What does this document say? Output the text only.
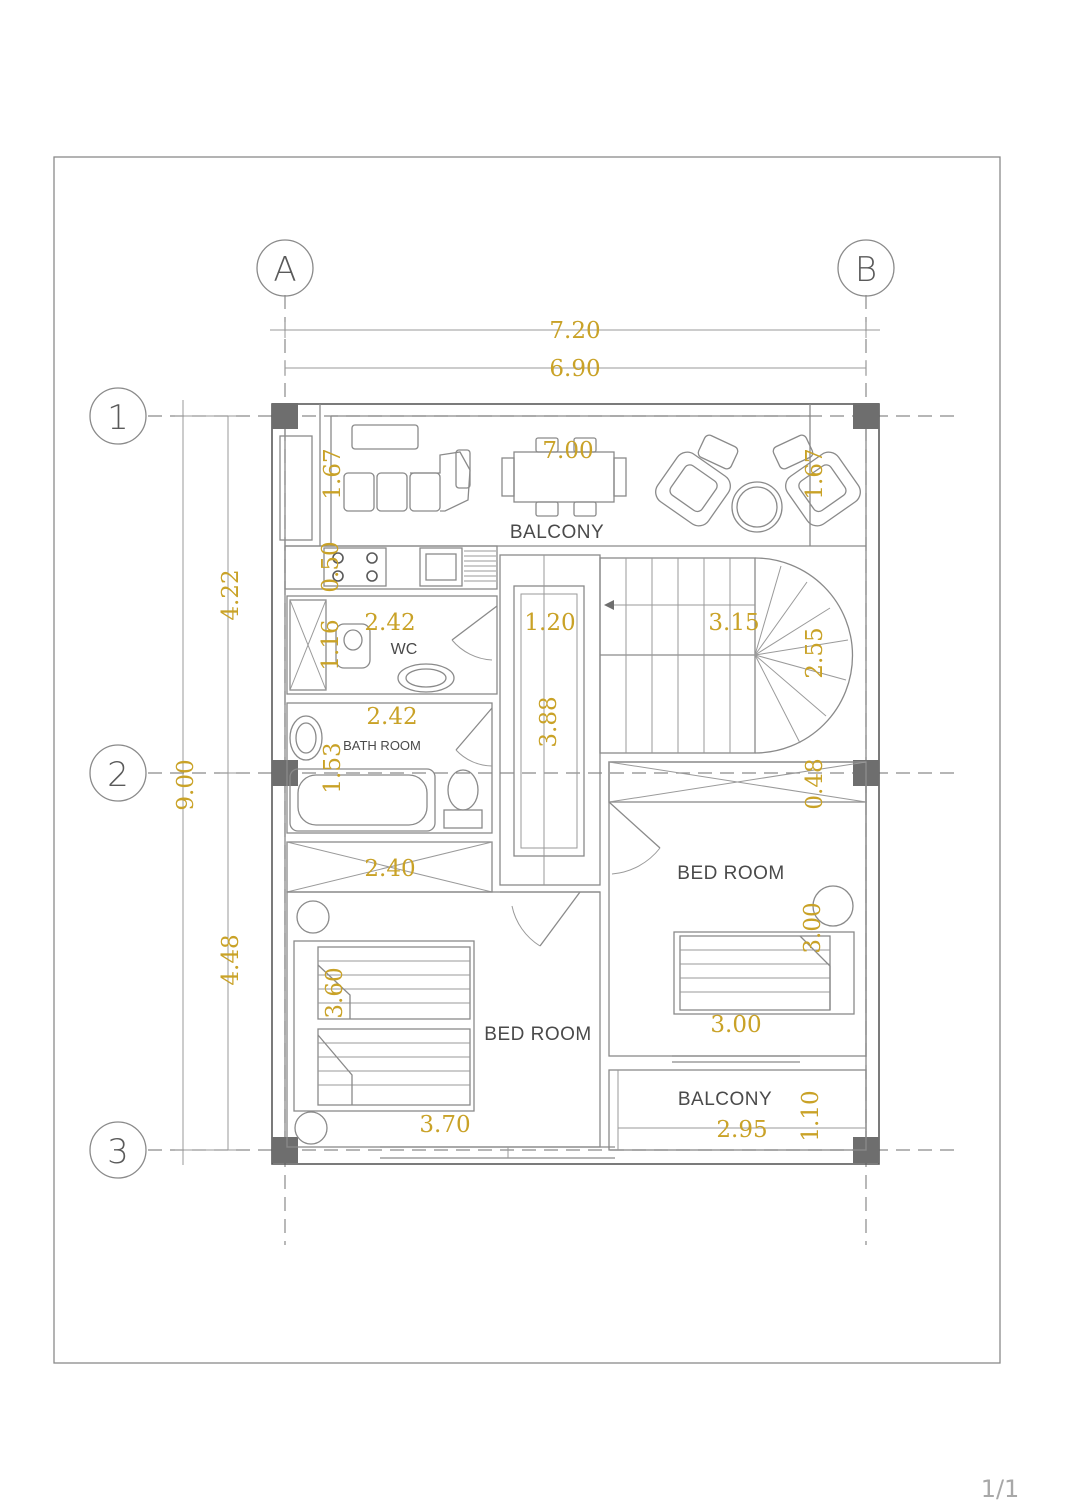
A	B
1
2
3
7.20
6.90
9.00
4.22
4.48
BALCONY
7.00
1.67	1.67
0.50
WC
2.42
1.16
BATH ROOM
2.42
1.53
2.40
1.20
3.88
3.15
2.55
BED ROOM
0.48
3.00
3.00
BED ROOM
3.60
3.70
BALCONY
2.95 1.10
1/1
